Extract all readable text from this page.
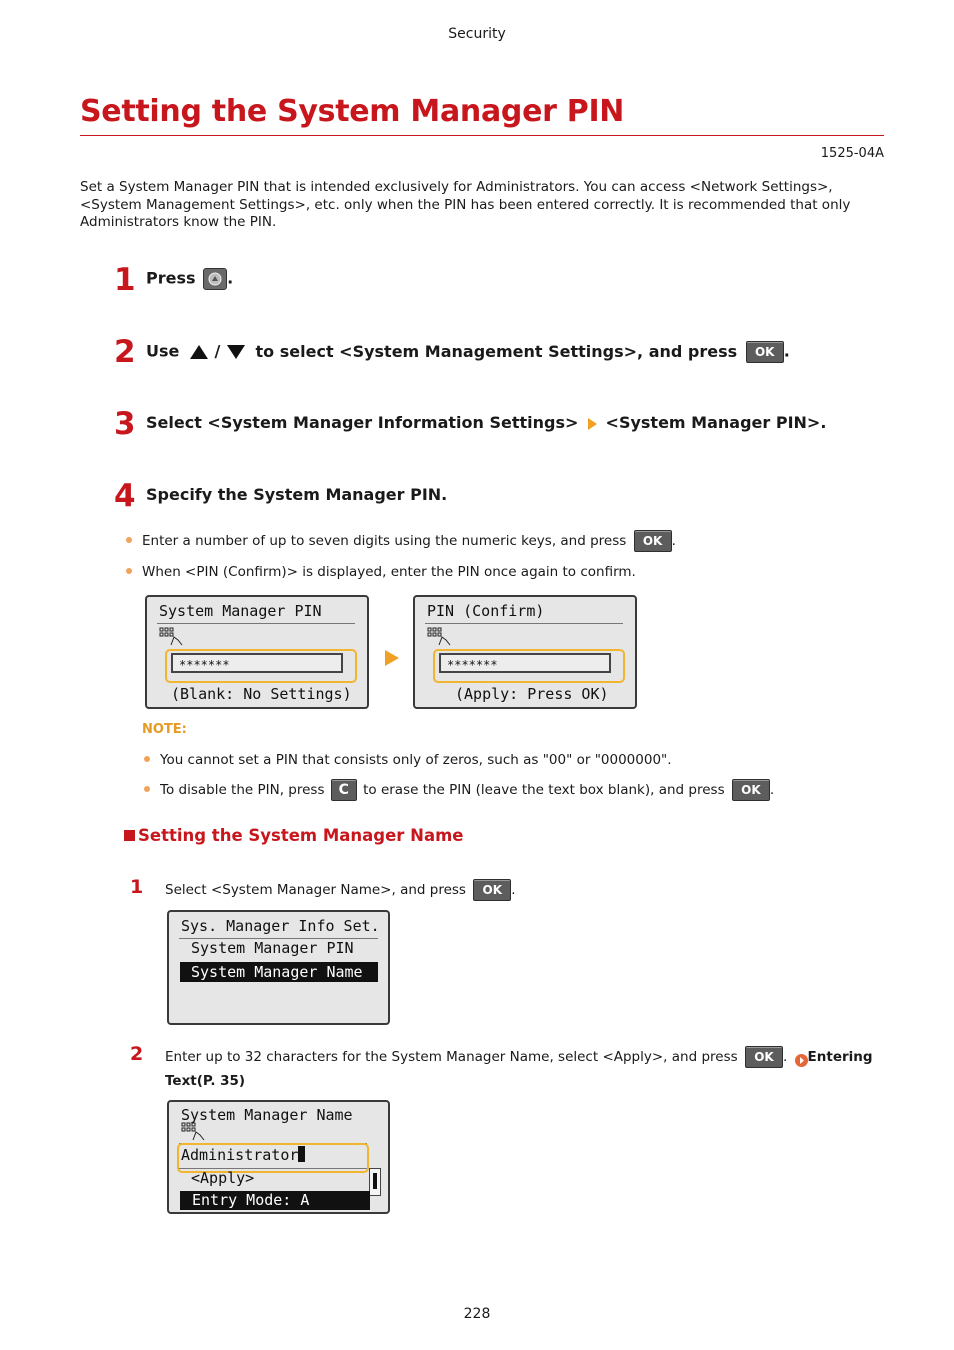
Security
Setting the System Manager PIN
1525-04A
Set a System Manager PIN that is intended exclusively for Administrators. You can access <Network Settings>, <System Management Settings>, etc. only when the PIN has been entered correctly. It is recommended that only Administrators know the PIN.
1 Press .
2 Use / to select <System Management Settings>, and press OK .
3 Select <System Manager Information Settings> <System Manager PIN>.
4 Specify the System Manager PIN.
Enter a number of up to seven digits using the numeric keys, and press OK .
When <PIN (Confirm)> is displayed, enter the PIN once again to confirm.
System Manager PIN
*******
(Blank: No Settings)
PIN (Confirm)
*******
(Apply: Press OK)
NOTE:
You cannot set a PIN that consists only of zeros, such as "00" or "0000000".
To disable the PIN, press C to erase the PIN (leave the text box blank), and press OK .
Setting the System Manager Name
1 Select <System Manager Name>, and press OK .
Sys. Manager Info Set.
System Manager PIN
System Manager Name
2 Enter up to 32 characters for the System Manager Name, select <Apply>, and press OK . Entering
Text(P. 35)
System Manager Name
Administrator
<Apply>
Entry Mode: A
228
